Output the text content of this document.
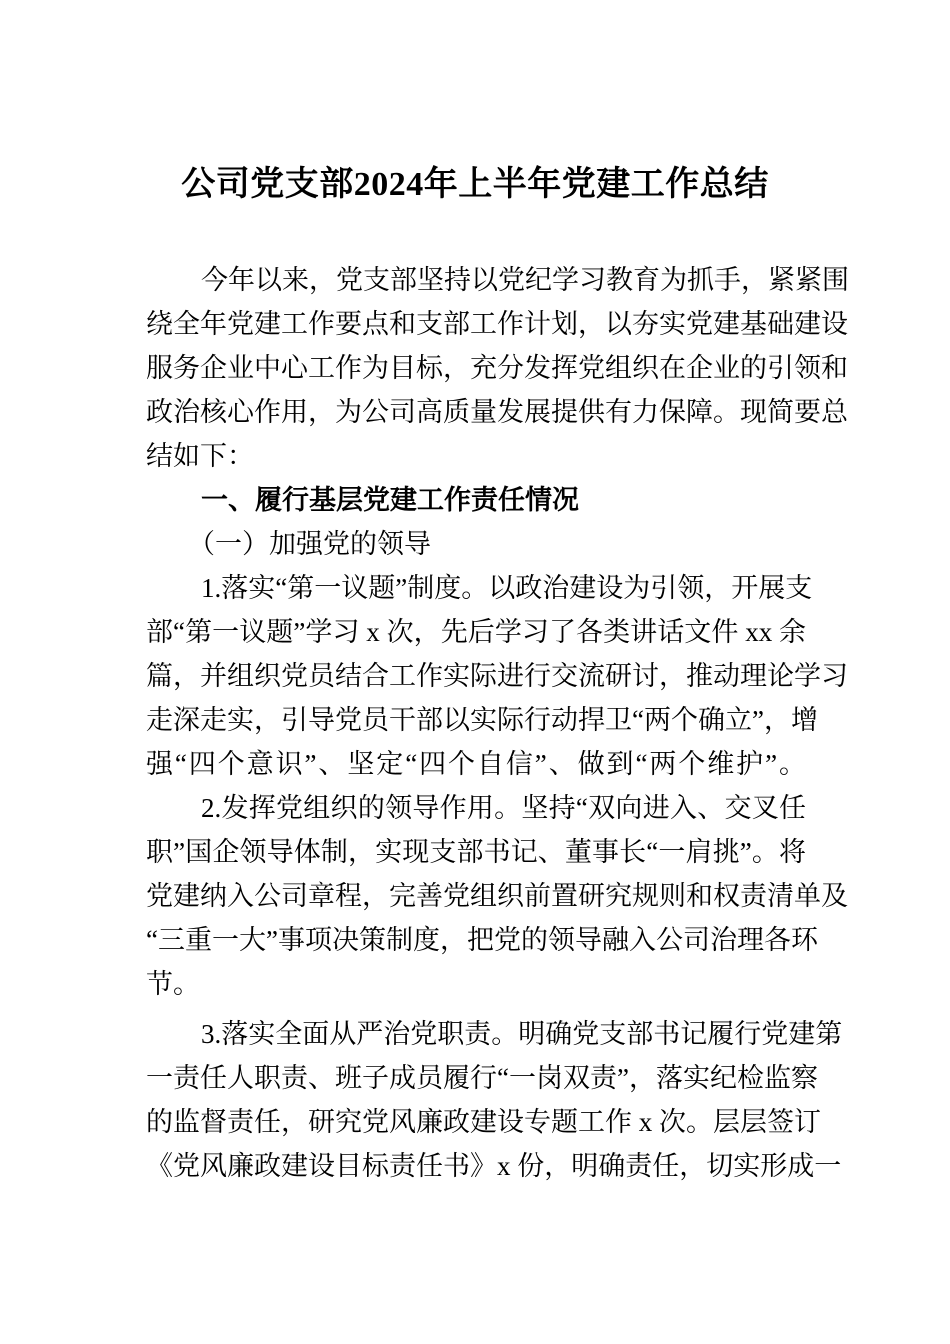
公司党支部2024年上半年党建工作总结
今年以来，党支部坚持以党纪学习教育为抓手，紧紧围
绕全年党建工作要点和支部工作计划，以夯实党建基础建设
服务企业中心工作为目标，充分发挥党组织在企业的引领和
政治核心作用，为公司高质量发展提供有力保障。现简要总
结如下：
一、履行基层党建工作责任情况
（一）加强党的领导
1.落实“第一议题”制度。以政治建设为引领，开展支
部“第一议题”学习 x 次，先后学习了各类讲话文件 xx 余
篇，并组织党员结合工作实际进行交流研讨，推动理论学习
走深走实，引导党员干部以实际行动捍卫“两个确立”，增
强“四个意识”、坚定“四个自信”、做到“两个维护”。
2.发挥党组织的领导作用。坚持“双向进入、交叉任
职”国企领导体制，实现支部书记、董事长“一肩挑”。将
党建纳入公司章程，完善党组织前置研究规则和权责清单及
“三重一大”事项决策制度，把党的领导融入公司治理各环
节。
3.落实全面从严治党职责。明确党支部书记履行党建第
一责任人职责、班子成员履行“一岗双责”，落实纪检监察
的监督责任，研究党风廉政建设专题工作 x 次。层层签订
《党风廉政建设目标责任书》x 份，明确责任，切实形成一
